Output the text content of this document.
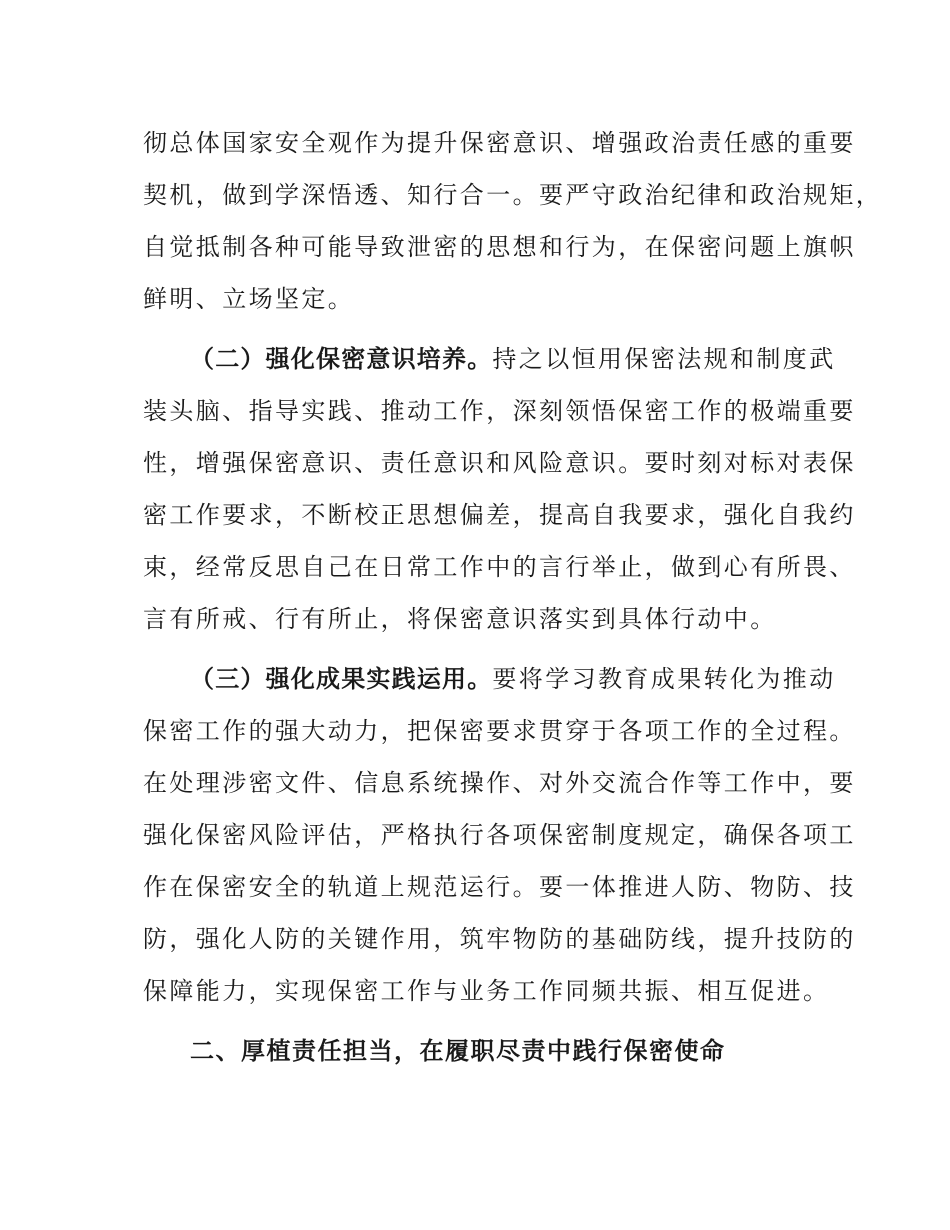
彻总体国家安全观作为提升保密意识、增强政治责任感的重要
契机，做到学深悟透、知行合一。要严守政治纪律和政治规矩，
自觉抵制各种可能导致泄密的思想和行为，在保密问题上旗帜
鲜明、立场坚定。
（二）强化保密意识培养。持之以恒用保密法规和制度武
装头脑、指导实践、推动工作，深刻领悟保密工作的极端重要
性，增强保密意识、责任意识和风险意识。要时刻对标对表保
密工作要求，不断校正思想偏差，提高自我要求，强化自我约
束，经常反思自己在日常工作中的言行举止，做到心有所畏、
言有所戒、行有所止，将保密意识落实到具体行动中。
（三）强化成果实践运用。要将学习教育成果转化为推动
保密工作的强大动力，把保密要求贯穿于各项工作的全过程。
在处理涉密文件、信息系统操作、对外交流合作等工作中，要
强化保密风险评估，严格执行各项保密制度规定，确保各项工
作在保密安全的轨道上规范运行。要一体推进人防、物防、技
防，强化人防的关键作用，筑牢物防的基础防线，提升技防的
保障能力，实现保密工作与业务工作同频共振、相互促进。
二、厚植责任担当，在履职尽责中践行保密使命
